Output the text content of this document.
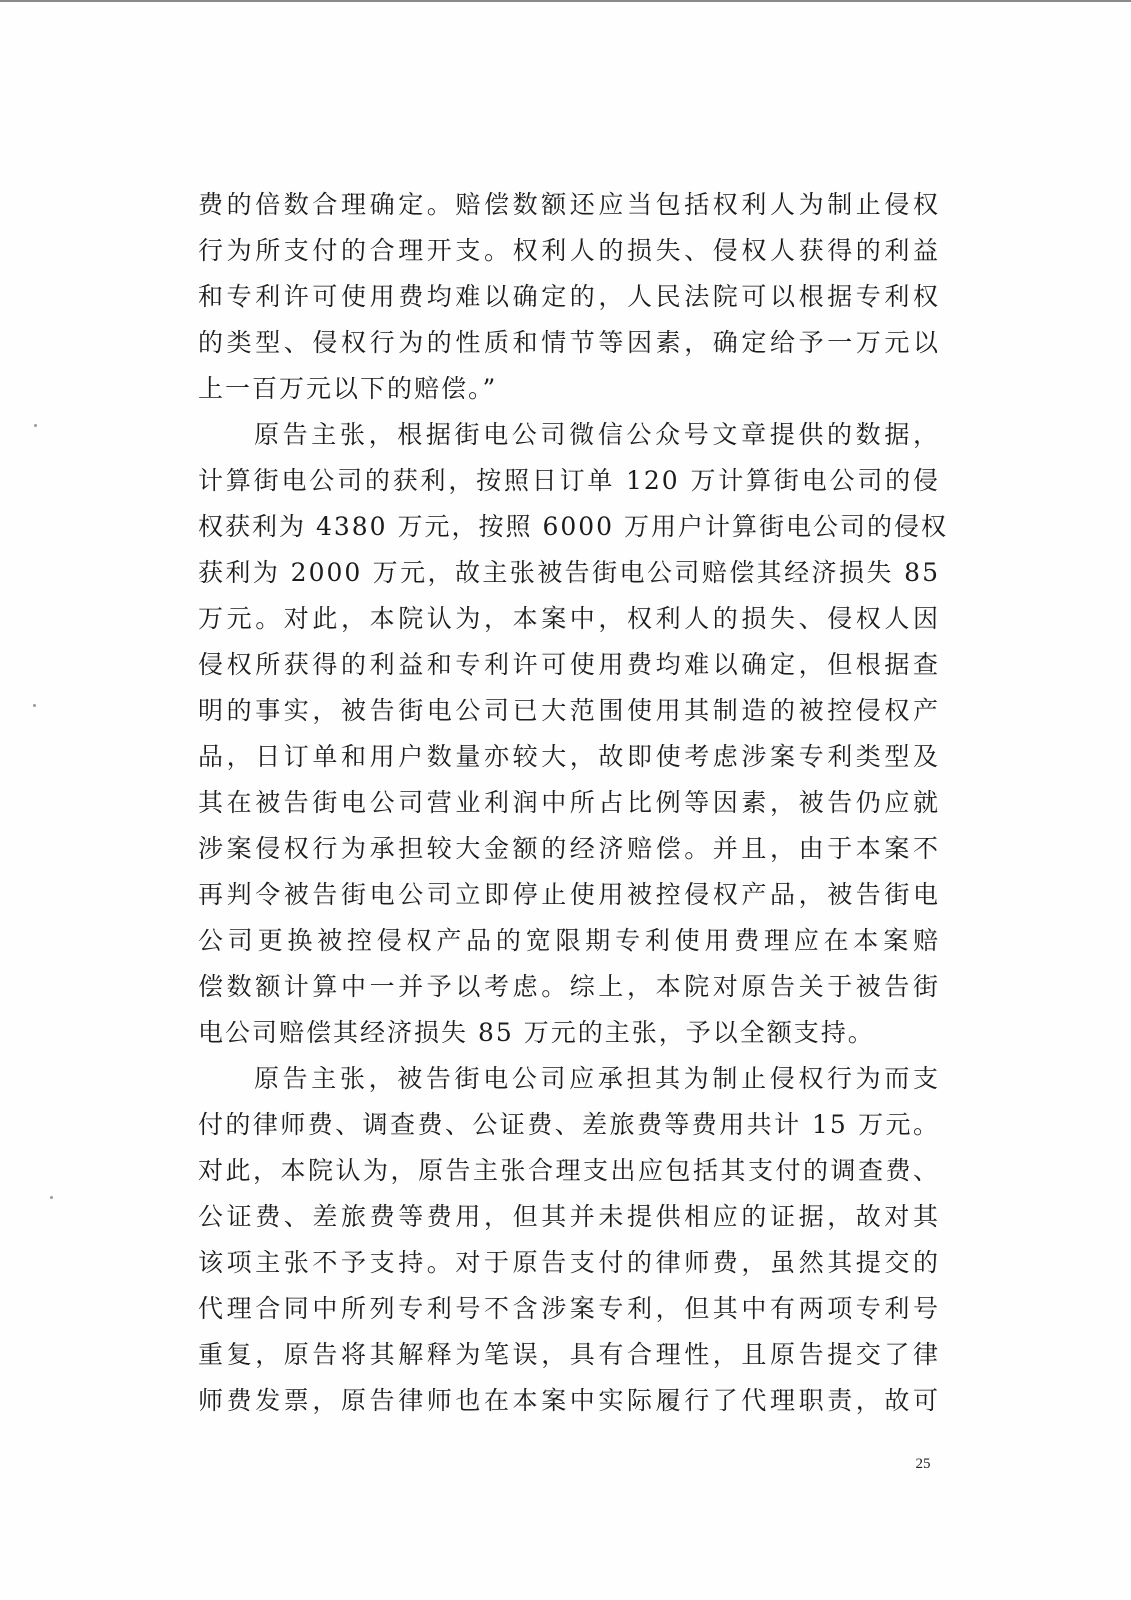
费的倍数合理确定。赔偿数额还应当包括权利人为制止侵权
行为所支付的合理开支。权利人的损失、侵权人获得的利益
和专利许可使用费均难以确定的，人民法院可以根据专利权
的类型、侵权行为的性质和情节等因素，确定给予一万元以
上一百万元以下的赔偿。”
原告主张，根据街电公司微信公众号文章提供的数据，
计算街电公司的获利，按照日订单 120 万计算街电公司的侵
权获利为 4380 万元，按照 6000 万用户计算街电公司的侵权
获利为 2000 万元，故主张被告街电公司赔偿其经济损失 85
万元。对此，本院认为，本案中，权利人的损失、侵权人因
侵权所获得的利益和专利许可使用费均难以确定，但根据查
明的事实，被告街电公司已大范围使用其制造的被控侵权产
品，日订单和用户数量亦较大，故即使考虑涉案专利类型及
其在被告街电公司营业利润中所占比例等因素，被告仍应就
涉案侵权行为承担较大金额的经济赔偿。并且，由于本案不
再判令被告街电公司立即停止使用被控侵权产品，被告街电
公司更换被控侵权产品的宽限期专利使用费理应在本案赔
偿数额计算中一并予以考虑。综上，本院对原告关于被告街
电公司赔偿其经济损失 85 万元的主张，予以全额支持。
原告主张，被告街电公司应承担其为制止侵权行为而支
付的律师费、调查费、公证费、差旅费等费用共计 15 万元。
对此，本院认为，原告主张合理支出应包括其支付的调查费、
公证费、差旅费等费用，但其并未提供相应的证据，故对其
该项主张不予支持。对于原告支付的律师费，虽然其提交的
代理合同中所列专利号不含涉案专利，但其中有两项专利号
重复，原告将其解释为笔误，具有合理性，且原告提交了律
师费发票，原告律师也在本案中实际履行了代理职责，故可
25
